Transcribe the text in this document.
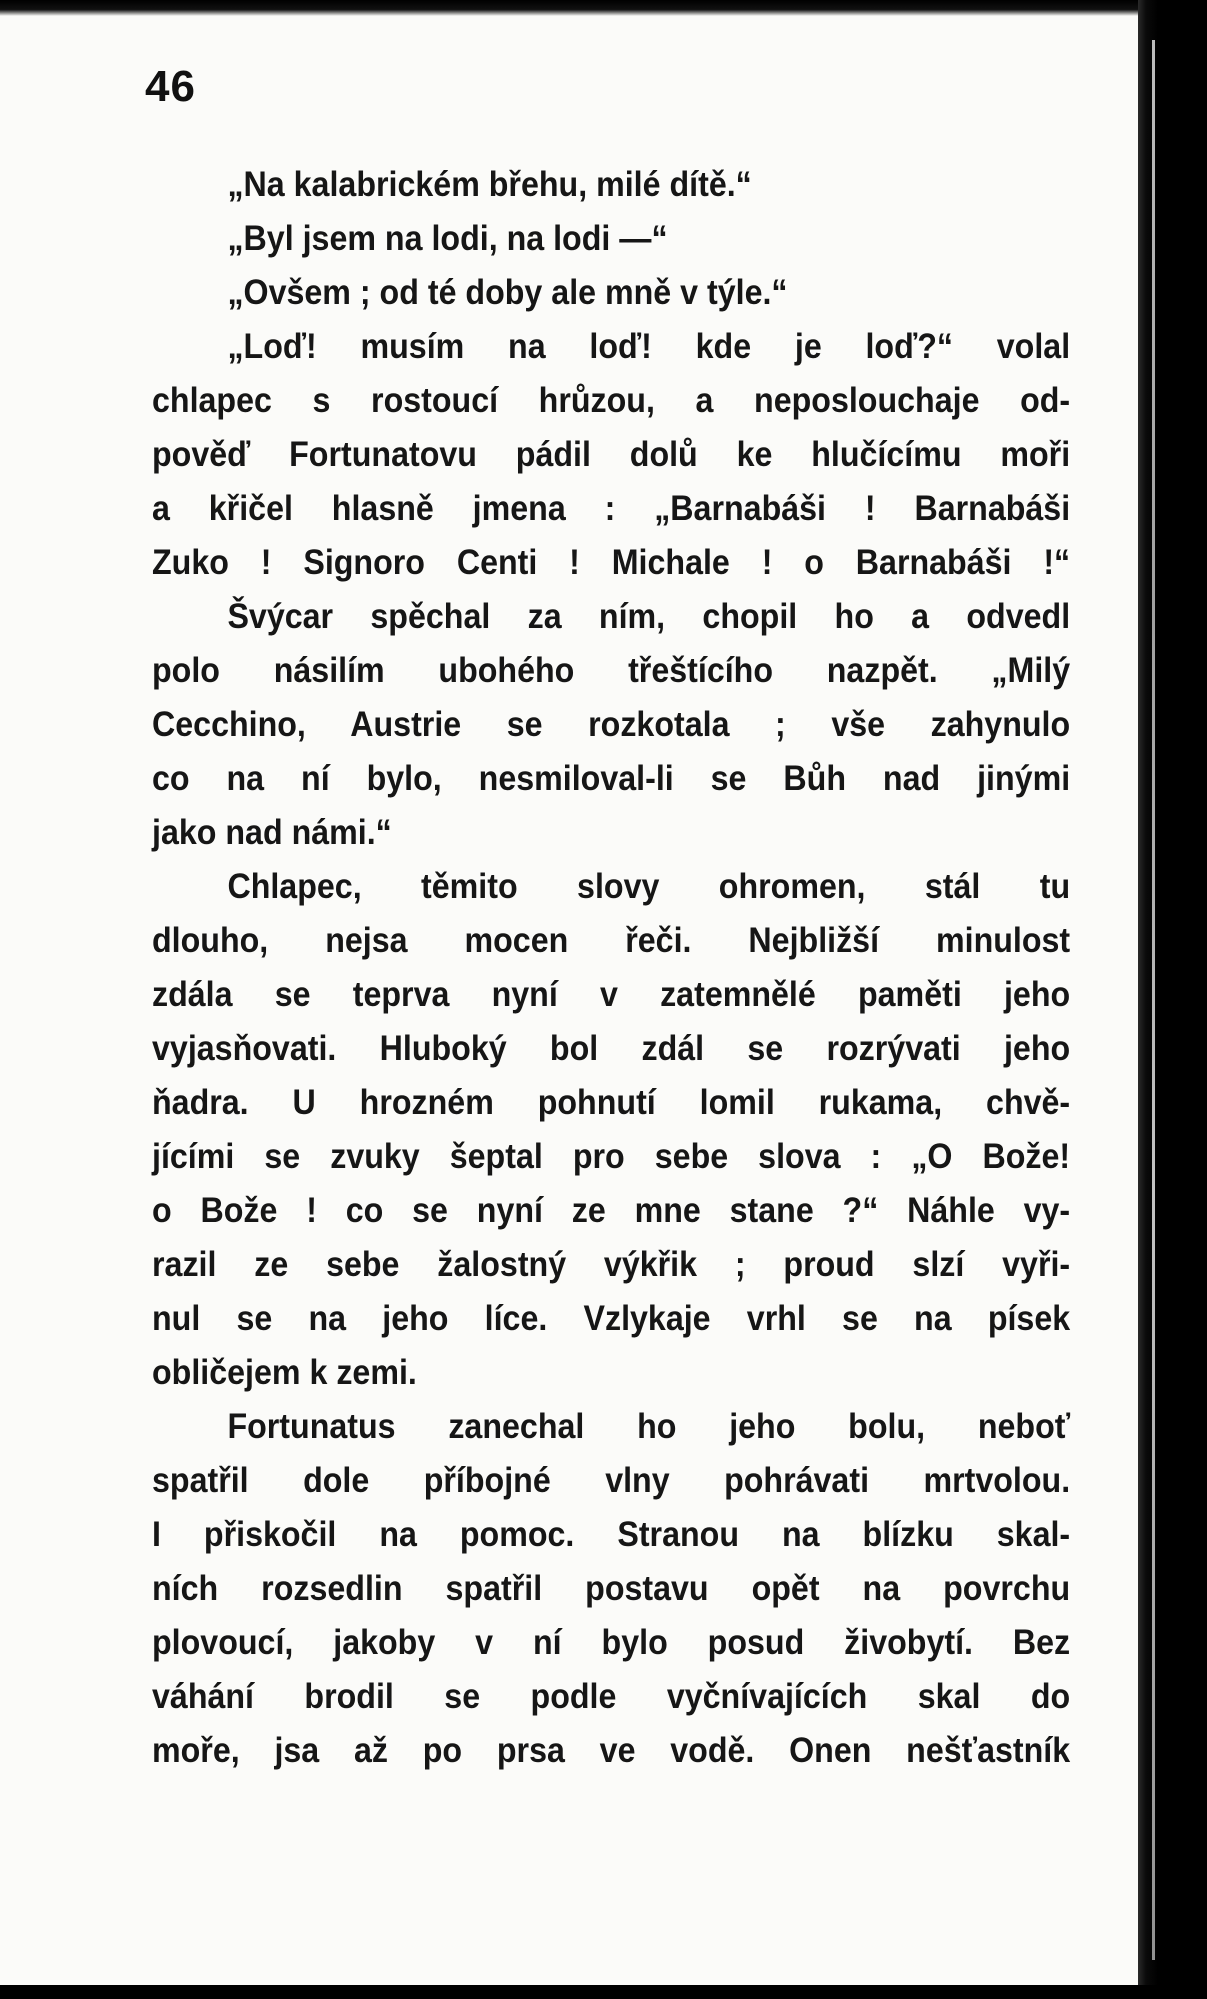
46
„Na kalabrickém břehu, milé dítě.“
„Byl jsem na lodi, na lodi —“
„Ovšem ; od té doby ale mně v týle.“
„Loď! musím na loď! kde je loď?“ volal
chlapec s rostoucí hrůzou, a neposlouchaje od-
pověď Fortunatovu pádil dolů ke hlučícímu moři
a křičel hlasně jmena : „Barnabáši ! Barnabáši
Zuko ! Signoro Centi ! Michale ! o Barnabáši !“
Švýcar spěchal za ním, chopil ho a odvedl
polo násilím ubohého třeštícího nazpět. „Milý
Cecchino, Austrie se rozkotala ; vše zahynulo
co na ní bylo, nesmiloval-li se Bůh nad jinými
jako nad námi.“
Chlapec, těmito slovy ohromen, stál tu
dlouho, nejsa mocen řeči. Nejbližší minulost
zdála se teprva nyní v zatemnělé paměti jeho
vyjasňovati. Hluboký bol zdál se rozrývati jeho
ňadra. U hrozném pohnutí lomil rukama, chvě-
jícími se zvuky šeptal pro sebe slova : „O Bože!
o Bože ! co se nyní ze mne stane ?“ Náhle vy-
razil ze sebe žalostný výkřik ; proud slzí vyři-
nul se na jeho líce. Vzlykaje vrhl se na písek
obličejem k zemi.
Fortunatus zanechal ho jeho bolu, neboť
spatřil dole příbojné vlny pohrávati mrtvolou.
I přiskočil na pomoc. Stranou na blízku skal-
ních rozsedlin spatřil postavu opět na povrchu
plovoucí, jakoby v ní bylo posud živobytí. Bez
váhání brodil se podle vyčnívajících skal do
moře, jsa až po prsa ve vodě. Onen nešťastník
